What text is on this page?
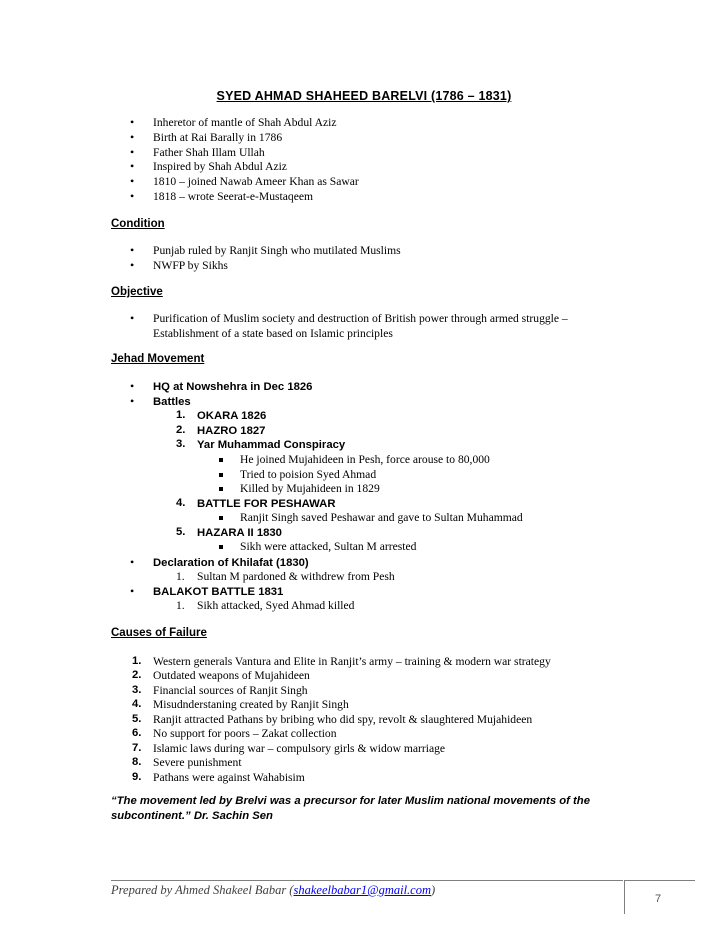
SYED AHMAD SHAHEED BARELVI (1786 – 1831)
• Inheretor of mantle of Shah Abdul Aziz
• Birth at Rai Barally in 1786
• Father Shah Illam Ullah
• Inspired by Shah Abdul Aziz
• 1810 – joined Nawab Ameer Khan as Sawar
• 1818 – wrote Seerat-e-Mustaqeem
Condition
• Punjab ruled by Ranjit Singh who mutilated Muslims
• NWFP by Sikhs
Objective
• Purification of Muslim society and destruction of British power through armed struggle –
Establishment of a state based on Islamic principles
Jehad Movement
• HQ at Nowshehra in Dec 1826
• Battles
1. OKARA 1826
2. HAZRO 1827
3. Yar Muhammad Conspiracy
He joined Mujahideen in Pesh, force arouse to 80,000
Tried to poision Syed Ahmad
Killed by Mujahideen in 1829
4. BATTLE FOR PESHAWAR
Ranjit Singh saved Peshawar and gave to Sultan Muhammad
5. HAZARA II 1830
Sikh were attacked, Sultan M arrested
• Declaration of Khilafat (1830)
1. Sultan M pardoned & withdrew from Pesh
• BALAKOT BATTLE 1831
1. Sikh attacked, Syed Ahmad killed
Causes of Failure
1. Western generals Vantura and Elite in Ranjit’s army – training & modern war strategy
2. Outdated weapons of Mujahideen
3. Financial sources of Ranjit Singh
4. Misudnderstaning created by Ranjit Singh
5. Ranjit attracted Pathans by bribing who did spy, revolt & slaughtered Mujahideen
6. No support for poors – Zakat collection
7. Islamic laws during war – compulsory girls & widow marriage
8. Severe punishment
9. Pathans were against Wahabisim
“The movement led by Brelvi was a precursor for later Muslim national movements of the
subcontinent.” Dr. Sachin Sen
Prepared by Ahmed Shakeel Babar (shakeelbabar1@gmail.com)
7
